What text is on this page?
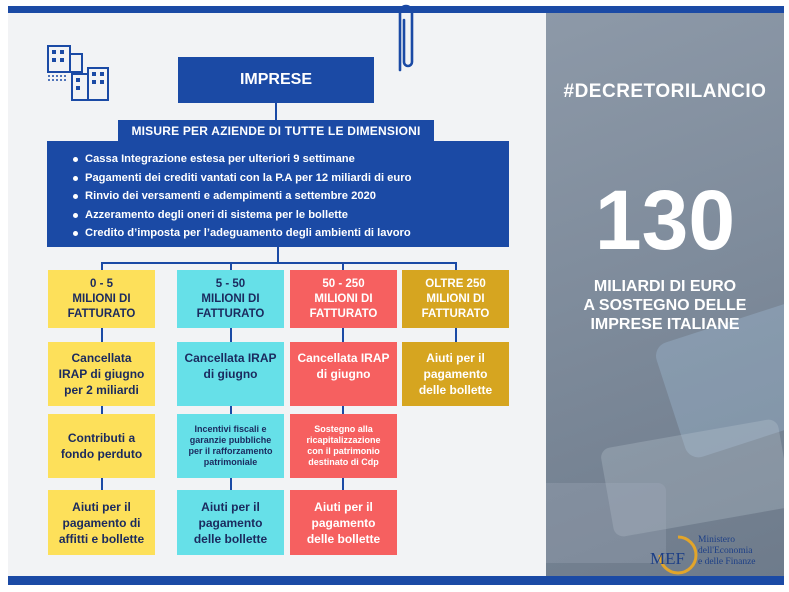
#DECRETORILANCIO
130
MILIARDI DI EURO
A SOSTEGNO DELLE
IMPRESE ITALIANE
MEF
Ministero
dell'Economia
e delle Finanze
IMPRESE
MISURE PER AZIENDE DI TUTTE LE DIMENSIONI
Cassa Integrazione estesa per ulteriori 9 settimane
Pagamenti dei crediti vantati con la P.A per 12 miliardi di euro
Rinvio dei versamenti e adempimenti a settembre 2020
Azzeramento degli oneri di sistema per le bollette
Credito d’imposta per l’adeguamento degli ambienti di lavoro
0 - 5
MILIONI DI
FATTURATO
Cancellata
IRAP di giugno
per 2 miliardi
Contributi a
fondo perduto
Aiuti per il
pagamento di
affitti e bollette
5 - 50
MILIONI DI
FATTURATO
Cancellata IRAP
di giugno
Incentivi fiscali e
garanzie pubbliche
per il rafforzamento
patrimoniale
Aiuti per il
pagamento
delle bollette
50 - 250
MILIONI DI
FATTURATO
Cancellata IRAP
di giugno
Sostegno alla
ricapitalizzazione
con il patrimonio
destinato di Cdp
Aiuti per il
pagamento
delle bollette
OLTRE 250
MILIONI DI
FATTURATO
Aiuti per il
pagamento
delle bollette
